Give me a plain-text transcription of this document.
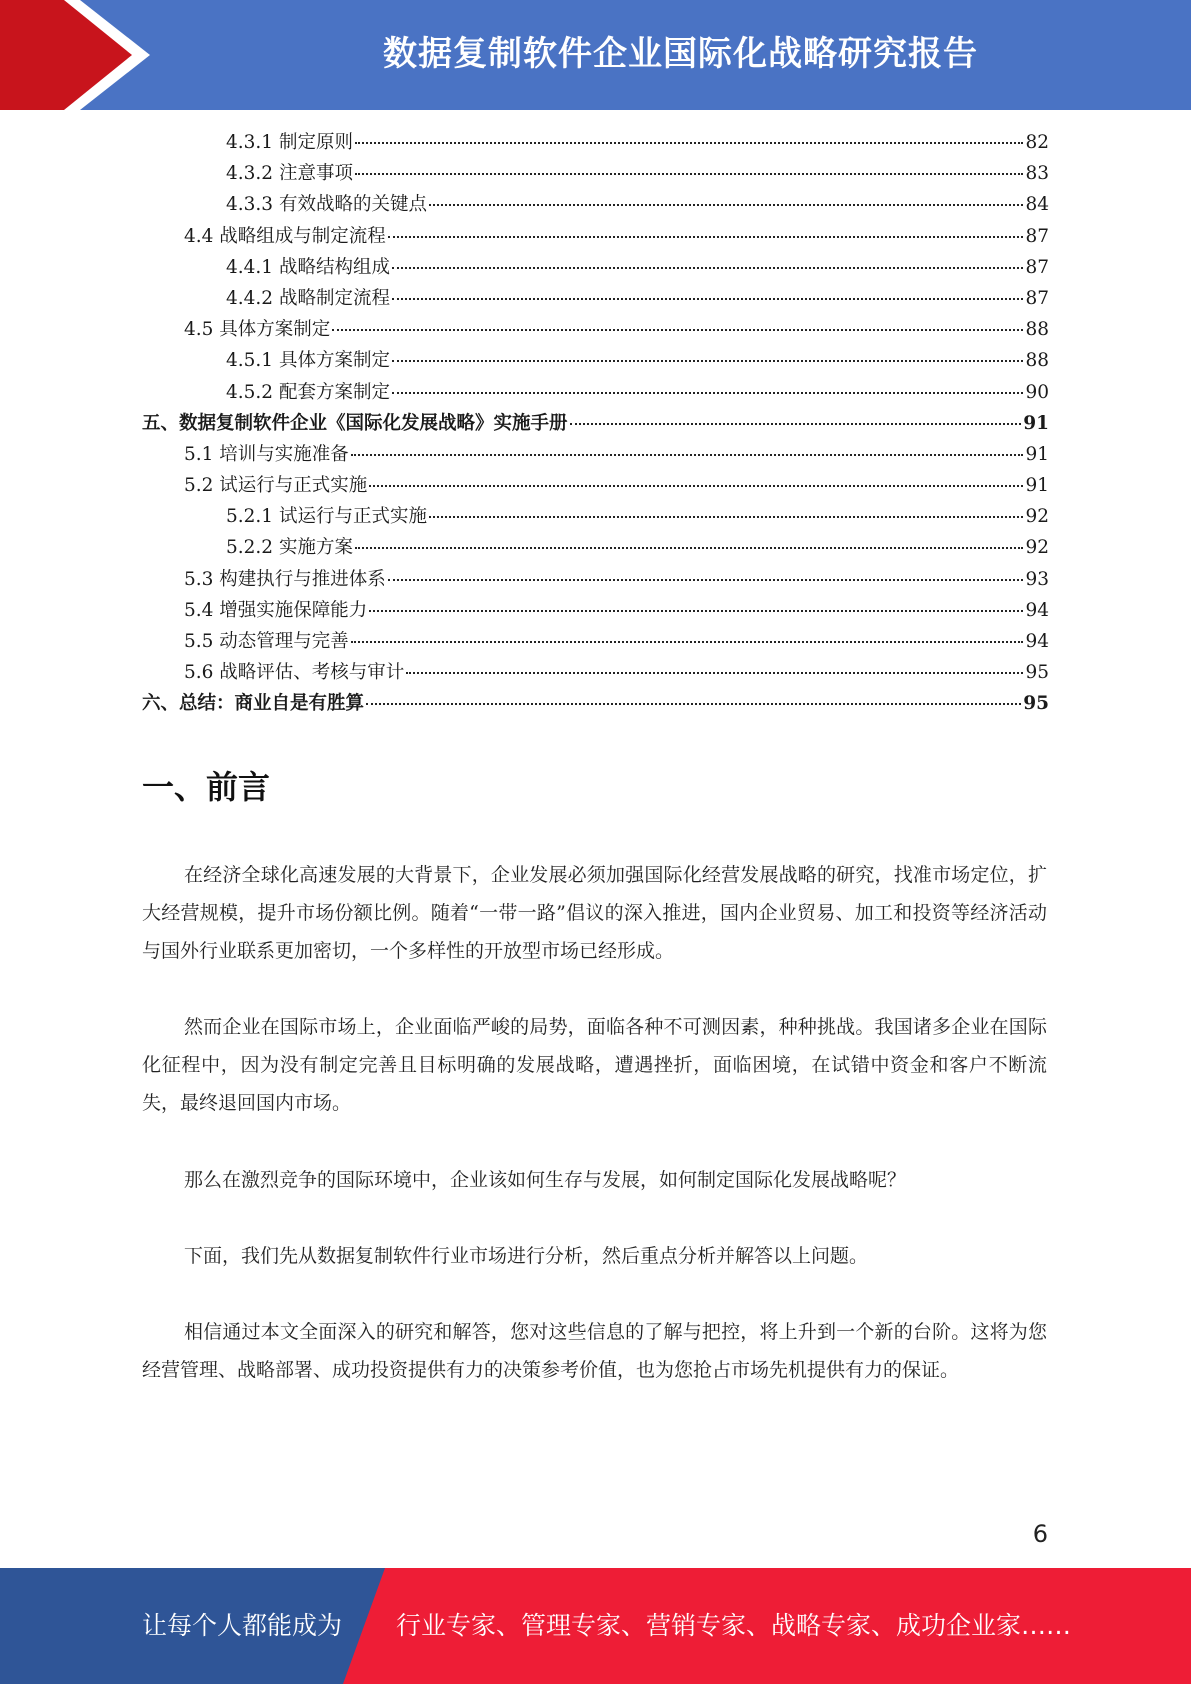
数据复制软件企业国际化战略研究报告
4.3.1 制定原则	82
4.3.2 注意事项	83
4.3.3 有效战略的关键点	84
4.4 战略组成与制定流程	87
4.4.1 战略结构组成	87
4.4.2 战略制定流程	87
4.5 具体方案制定	88
4.5.1 具体方案制定	88
4.5.2 配套方案制定	90
五、数据复制软件企业《国际化发展战略》实施手册	91
5.1 培训与实施准备	91
5.2 试运行与正式实施	91
5.2.1 试运行与正式实施	92
5.2.2 实施方案	92
5.3 构建执行与推进体系	93
5.4 增强实施保障能力	94
5.5 动态管理与完善	94
5.6 战略评估、考核与审计	95
六、总结：商业自是有胜算	95
一、前言

在经济全球化高速发展的大背景下，企业发展必须加强国际化经营发展战略的研究，找准市场定位，扩大经营规模，提升市场份额比例。随着“一带一路”倡议的深入推进，国内企业贸易、加工和投资等经济活动与国外行业联系更加密切，一个多样性的开放型市场已经形成。

然而企业在国际市场上，企业面临严峻的局势，面临各种不可测因素，种种挑战。我国诸多企业在国际化征程中，因为没有制定完善且目标明确的发展战略，遭遇挫折，面临困境，在试错中资金和客户不断流失，最终退回国内市场。

那么在激烈竞争的国际环境中，企业该如何生存与发展，如何制定国际化发展战略呢？

下面，我们先从数据复制软件行业市场进行分析，然后重点分析并解答以上问题。

相信通过本文全面深入的研究和解答，您对这些信息的了解与把控，将上升到一个新的台阶。这将为您经营管理、战略部署、成功投资提供有力的决策参考价值，也为您抢占市场先机提供有力的保证。

6
让每个人都能成为 行业专家、管理专家、营销专家、战略专家、成功企业家……
